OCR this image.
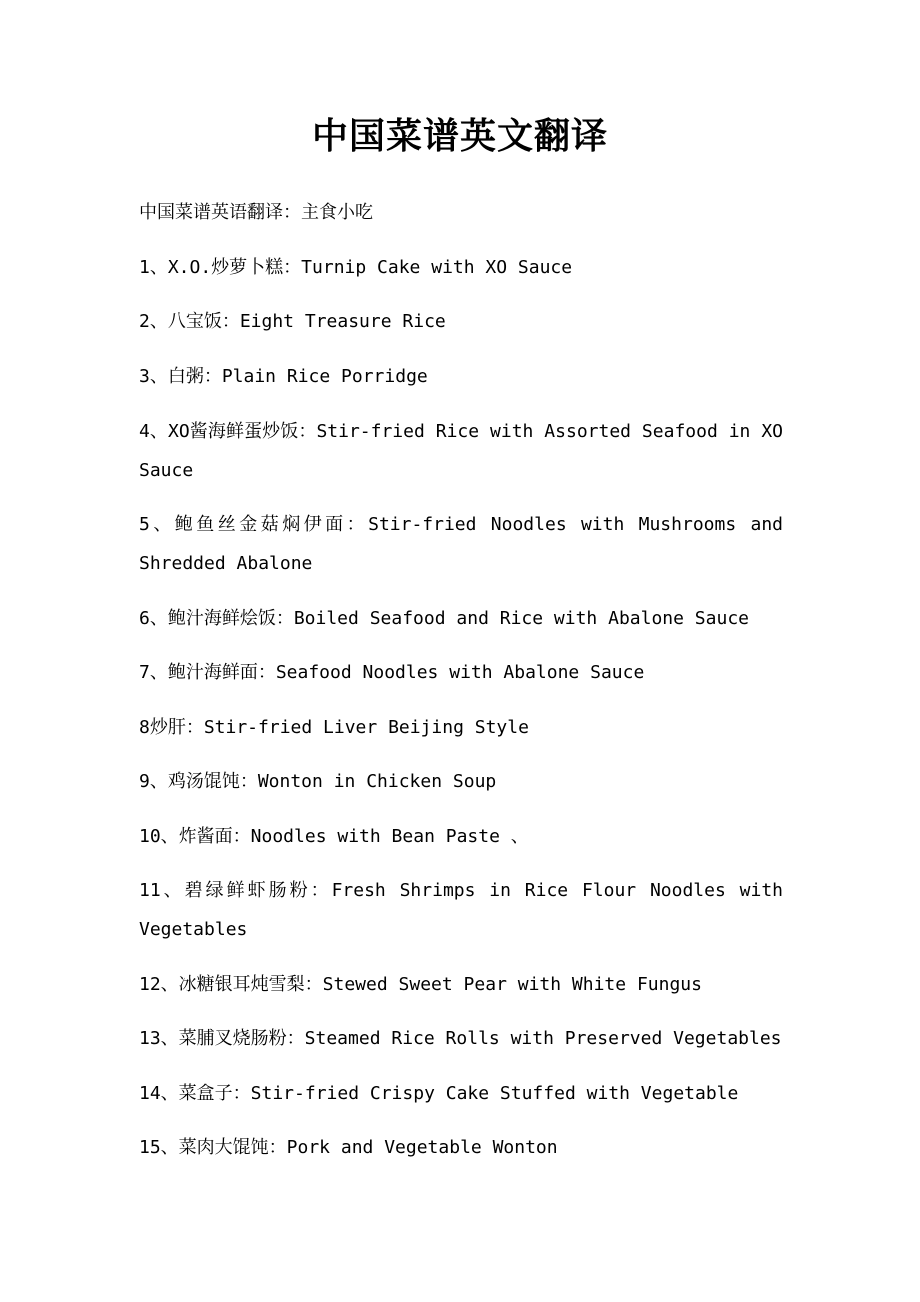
中国菜谱英文翻译

中国菜谱英语翻译：主食小吃

1、X.O.炒萝卜糕：Turnip Cake with XO Sauce

2、八宝饭：Eight Treasure Rice

3、白粥：Plain Rice Porridge

4、XO酱海鲜蛋炒饭：Stir-fried Rice with Assorted Seafood in XO Sauce

5、鲍鱼丝金菇焖伊面：Stir-fried Noodles with Mushrooms and Shredded Abalone

6、鲍汁海鲜烩饭：Boiled Seafood and Rice with Abalone Sauce

7、鲍汁海鲜面：Seafood Noodles with Abalone Sauce

8炒肝：Stir-fried Liver Beijing Style

9、鸡汤馄饨：Wonton in Chicken Soup

10、炸酱面：Noodles with Bean Paste 、

11、碧绿鲜虾肠粉：Fresh Shrimps in Rice Flour Noodles with Vegetables

12、冰糖银耳炖雪梨：Stewed Sweet Pear with White Fungus

13、菜脯叉烧肠粉：Steamed Rice Rolls with Preserved Vegetables

14、菜盒子：Stir-fried Crispy Cake Stuffed with Vegetable

15、菜肉大馄饨：Pork and Vegetable Wonton
